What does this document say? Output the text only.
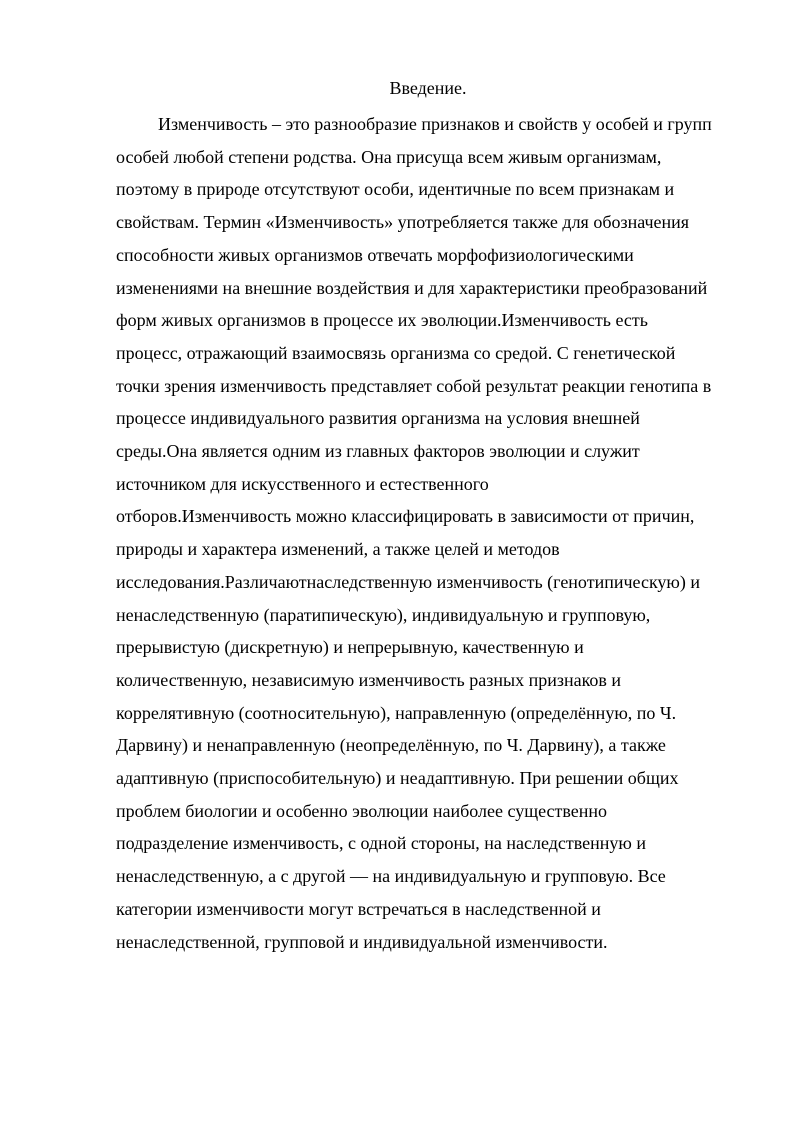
Введение.
Изменчивость – это разнообразие признаков и свойств у особей и групп
особей любой степени родства. Она присуща всем живым организмам,
поэтому в природе отсутствуют особи, идентичные по всем признакам и
свойствам. Термин «Изменчивость» употребляется также для обозначения
способности живых организмов отвечать морфофизиологическими
изменениями на внешние воздействия и для характеристики преобразований
форм живых организмов в процессе их эволюции.Изменчивость есть
процесс, отражающий взаимосвязь организма со средой. С генетической
точки зрения изменчивость представляет собой результат реакции генотипа в
процессе индивидуального развития организма на условия внешней
среды.Она является одним из главных факторов эволюции и служит
источником для искусственного и естественного
отборов.Изменчивость можно классифицировать в зависимости от причин,
природы и характера изменений, а также целей и методов
исследования.Различаютнаследственную изменчивость (генотипическую) и
ненаследственную (паратипическую), индивидуальную и групповую,
прерывистую (дискретную) и непрерывную, качественную и
количественную, независимую изменчивость разных признаков и
коррелятивную (соотносительную), направленную (определённую, по Ч.
Дарвину) и ненаправленную (неопределённую, по Ч. Дарвину), а также
адаптивную (приспособительную) и неадаптивную. При решении общих
проблем биологии и особенно эволюции наиболее существенно
подразделение изменчивость, с одной стороны, на наследственную и
ненаследственную, а с другой — на индивидуальную и групповую. Все
категории изменчивости могут встречаться в наследственной и
ненаследственной, групповой и индивидуальной изменчивости.
